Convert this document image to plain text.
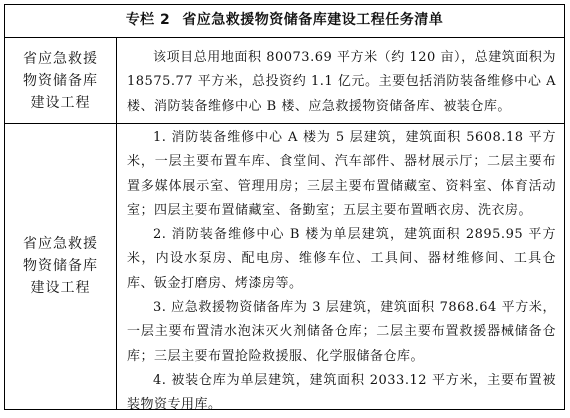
专栏 2 省应急救援物资储备库建设工程任务清单
省应急救援物资储备库建设工程

该项目总用地面积 80073.69 平方米（约 120 亩），总建筑面积为 18575.77 平方米，总投资约 1.1 亿元。主要包括消防装备维修中心 A 楼、消防装备维修中心 B 楼、应急救援物资储备库、被装仓库。

省应急救援物资储备库建设工程

1. 消防装备维修中心 A 楼为 5 层建筑，建筑面积 5608.18 平方米，一层主要布置车库、食堂间、汽车部件、器材展示厅；二层主要布置多媒体展示室、管理用房；三层主要布置储藏室、资料室、体育活动室；四层主要布置储藏室、备勤室；五层主要布置晒衣房、洗衣房。

2. 消防装备维修中心 B 楼为单层建筑，建筑面积 2895.95 平方米，内设水泵房、配电房、维修车位、工具间、器材维修间、工具仓库、钣金打磨房、烤漆房等。

3. 应急救援物资储备库为 3 层建筑，建筑面积 7868.64 平方米，一层主要布置清水泡沫灭火剂储备仓库；二层主要布置救援器械储备仓库；三层主要布置抢险救援服、化学服储备仓库。

4. 被装仓库为单层建筑，建筑面积 2033.12 平方米，主要布置被装物资专用库。
